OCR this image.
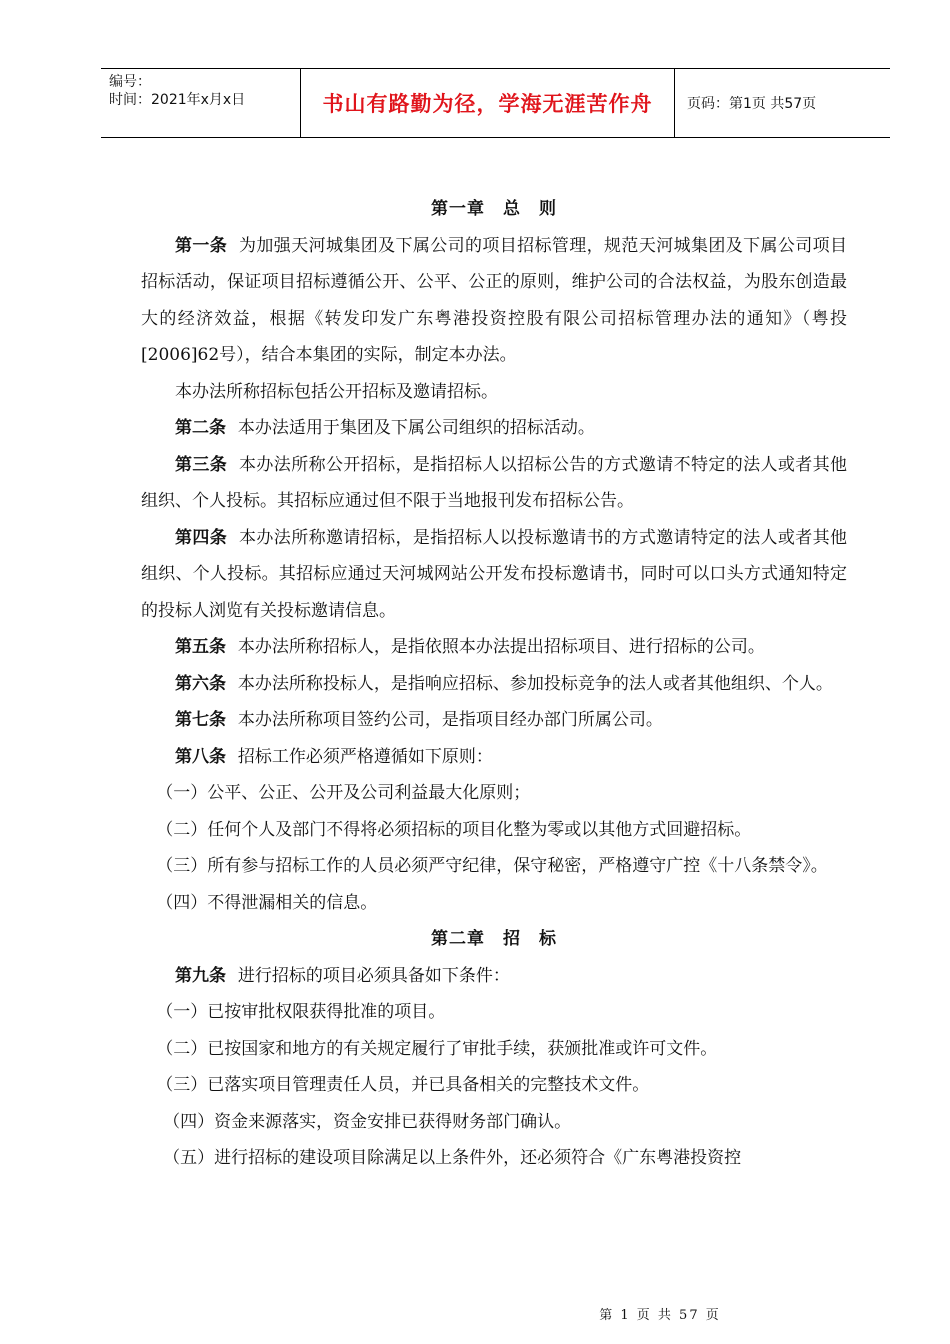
编号：
时间：2021年x月x日	书山有路勤为径，学海无涯苦作舟	页码：第1页 共57页

第一章　总　则

第一条 为加强天河城集团及下属公司的项目招标管理，规范天河城集团及下属公司项目招标活动，保证项目招标遵循公开、公平、公正的原则，维护公司的合法权益，为股东创造最大的经济效益，根据《转发印发广东粤港投资控股有限公司招标管理办法的通知》（粤投[2006]62号），结合本集团的实际，制定本办法。

本办法所称招标包括公开招标及邀请招标。

第二条 本办法适用于集团及下属公司组织的招标活动。

第三条 本办法所称公开招标，是指招标人以招标公告的方式邀请不特定的法人或者其他组织、个人投标。其招标应通过但不限于当地报刊发布招标公告。

第四条 本办法所称邀请招标，是指招标人以投标邀请书的方式邀请特定的法人或者其他组织、个人投标。其招标应通过天河城网站公开发布投标邀请书，同时可以口头方式通知特定的投标人浏览有关投标邀请信息。

第五条 本办法所称招标人，是指依照本办法提出招标项目、进行招标的公司。

第六条 本办法所称投标人，是指响应招标、参加投标竞争的法人或者其他组织、个人。

第七条 本办法所称项目签约公司，是指项目经办部门所属公司。

第八条 招标工作必须严格遵循如下原则：

（一）公平、公正、公开及公司利益最大化原则；

（二）任何个人及部门不得将必须招标的项目化整为零或以其他方式回避招标。

（三）所有参与招标工作的人员必须严守纪律，保守秘密，严格遵守广控《十八条禁令》。

（四）不得泄漏相关的信息。

第二章　招　标

第九条 进行招标的项目必须具备如下条件：

（一）已按审批权限获得批准的项目。

（二）已按国家和地方的有关规定履行了审批手续，获颁批准或许可文件。

（三）已落实项目管理责任人员，并已具备相关的完整技术文件。

（四）资金来源落实，资金安排已获得财务部门确认。

（五）进行招标的建设项目除满足以上条件外，还必须符合《广东粤港投资控

第 1 页 共 57 页
